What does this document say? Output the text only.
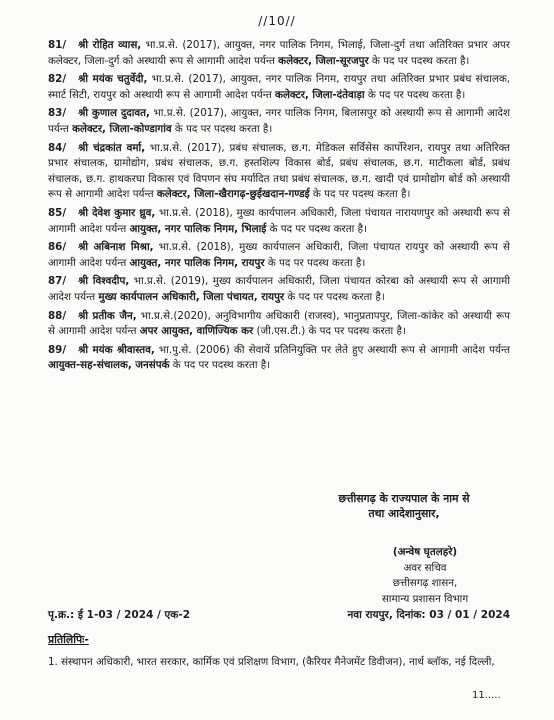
//10//
81/ श्री रोहित व्यास, भा.प्र.से. (2017), आयुक्त, नगर पालिक निगम, भिलाई, जिला-दुर्ग तथा अतिरिक्त प्रभार अपर कलेक्टर, जिला-दुर्ग को अस्थायी रूप से आगामी आदेश पर्यन्त कलेक्टर, जिला-सूरजपुर के पद पर पदस्थ करता है।
82/ श्री मयंक चतुर्वेदी, भा.प्र.से. (2017), आयुक्त, नगर पालिक निगम, रायपुर तथा अतिरिक्त प्रभार प्रबंध संचालक, स्मार्ट सिटी, रायपुर को अस्थायी रूप से आगामी आदेश पर्यन्त कलेक्टर, जिला-दंतेवाड़ा के पद पर पदस्थ करता है।
83/ श्री कुणाल दुदावत, भा.प्र.से. (2017), आयुक्त, नगर पालिक निगम, बिलासपुर को अस्थायी रूप से आगामी आदेश पर्यन्त कलेक्टर, जिला-कोण्डागांव के पद पर पदस्थ करता है।
84/ श्री चंद्रकांत वर्मा, भा.प्र.से. (2017), प्रबंध संचालक, छ.ग. मेडिकल सर्विसेस कार्पोरेशन, रायपुर तथा अतिरिक्त प्रभार संचालक, ग्रामोद्योग, प्रबंध संचालक, छ.ग. हस्तशिल्प विकास बोर्ड, प्रबंध संचालक, छ.ग. माटीकला बोर्ड, प्रबंध संचालक, छ.ग. हाथकरघा विकास एवं विपणन संघ मर्यादित तथा प्रबंध संचालक, छ.ग. खादी एवं ग्रामोद्योग बोर्ड को अस्थायी रूप से आगामी आदेश पर्यन्त कलेक्टर, जिला-खैरागढ़-छुईखदान-गण्डई के पद पर पदस्थ करता है।
85/ श्री देवेश कुमार ध्रुव, भा.प्र.से. (2018), मुख्य कार्यपालन अधिकारी, जिला पंचायत नारायणपुर को अस्थायी रूप से आगामी आदेश पर्यन्त आयुक्त, नगर पालिक निगम, भिलाई के पद पर पदस्थ करता है।
86/ श्री अबिनाश मिश्रा, भा.प्र.से. (2018), मुख्य कार्यपालन अधिकारी, जिला पंचायत रायपुर को अस्थायी रूप से आगामी आदेश पर्यन्त आयुक्त, नगर पालिक निगम, रायपुर के पद पर पदस्थ करता है।
87/ श्री विश्वदीप, भा.प्र.से. (2019), मुख्य कार्यपालन अधिकारी, जिला पंचायत कोरबा को अस्थायी रूप से आगामी आदेश पर्यन्त मुख्य कार्यपालन अधिकारी, जिला पंचायत, रायपुर के पद पर पदस्थ करता है।
88/ श्री प्रतीक जैन, भा.प्र.से.(2020), अनुविभागीय अधिकारी (राजस्व), भानुप्रतापपुर, जिला-कांकेर को अस्थायी रूप से आगामी आदेश पर्यन्त अपर आयुक्त, वाणिज्यिक कर (जी.एस.टी.) के पद पर पदस्थ करता है।
89/ श्री मयंक श्रीवास्तव, भा.पु.से. (2006) की सेवायें प्रतिनियुक्ति पर लेते हुए अस्थायी रूप से आगामी आदेश पर्यन्त आयुक्त-सह-संचालक, जनसंपर्क के पद पर पदस्थ करता है।
छत्तीसगढ़ के राज्यपाल के नाम से
तथा आदेशानुसार,
(अन्वेष घृतलहरे)
अवर सचिव
छत्तीसगढ़ शासन,
सामान्य प्रशासन विभाग
पृ.क्र.: ई 1-03 / 2024 / एक-2	नवा रायपुर, दिनांक: 03 / 01 / 2024
प्रतिलिपिः-
1. संस्थापन अधिकारी, भारत सरकार, कार्मिक एवं प्रशिक्षण विभाग, (कैरियर मैनेजमेंट डिवीजन), नार्थ ब्लॉक, नई दिल्ली,
11.....
